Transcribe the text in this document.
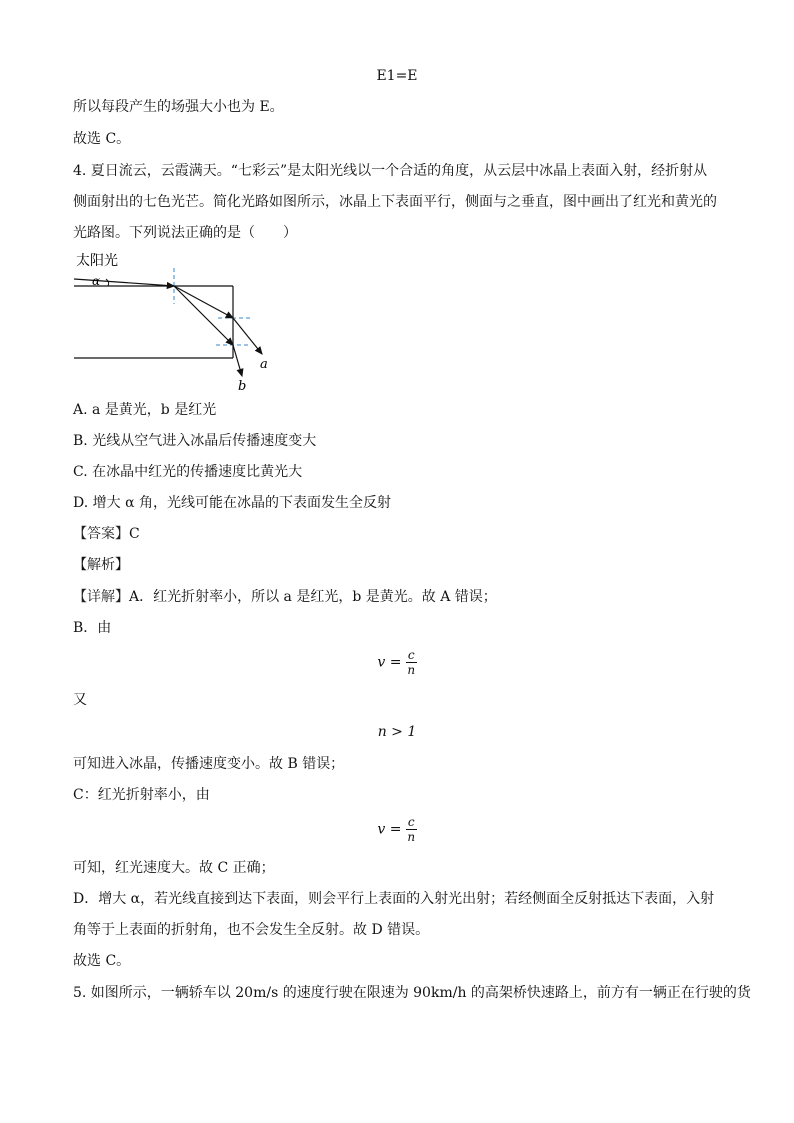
E1=E
所以每段产生的场强大小也为 E。
故选 C。
4. 夏日流云，云霞满天。“七彩云”是太阳光线以一个合适的角度，从云层中冰晶上表面入射，经折射从
侧面射出的七色光芒。简化光路如图所示，冰晶上下表面平行，侧面与之垂直，图中画出了红光和黄光的
光路图。下列说法正确的是（　　）
太阳光
α
a
b
A. a 是黄光，b 是红光
B. 光线从空气进入冰晶后传播速度变大
C. 在冰晶中红光的传播速度比黄光大
D. 增大 α 角，光线可能在冰晶的下表面发生全反射
【答案】C
【解析】
【详解】A．红光折射率小，所以 a 是红光，b 是黄光。故 A 错误；
B．由
$v = \frac{c}{n}$
又
n > 1
可知进入冰晶，传播速度变小。故 B 错误；
C：红光折射率小，由
$v = \frac{c}{n}$
可知，红光速度大。故 C 正确；
D．增大 α，若光线直接到达下表面，则会平行上表面的入射光出射；若经侧面全反射抵达下表面，入射
角等于上表面的折射角，也不会发生全反射。故 D 错误。
故选 C。
5. 如图所示，一辆轿车以 20m/s 的速度行驶在限速为 90km/h 的高架桥快速路上，前方有一辆正在行驶的货
